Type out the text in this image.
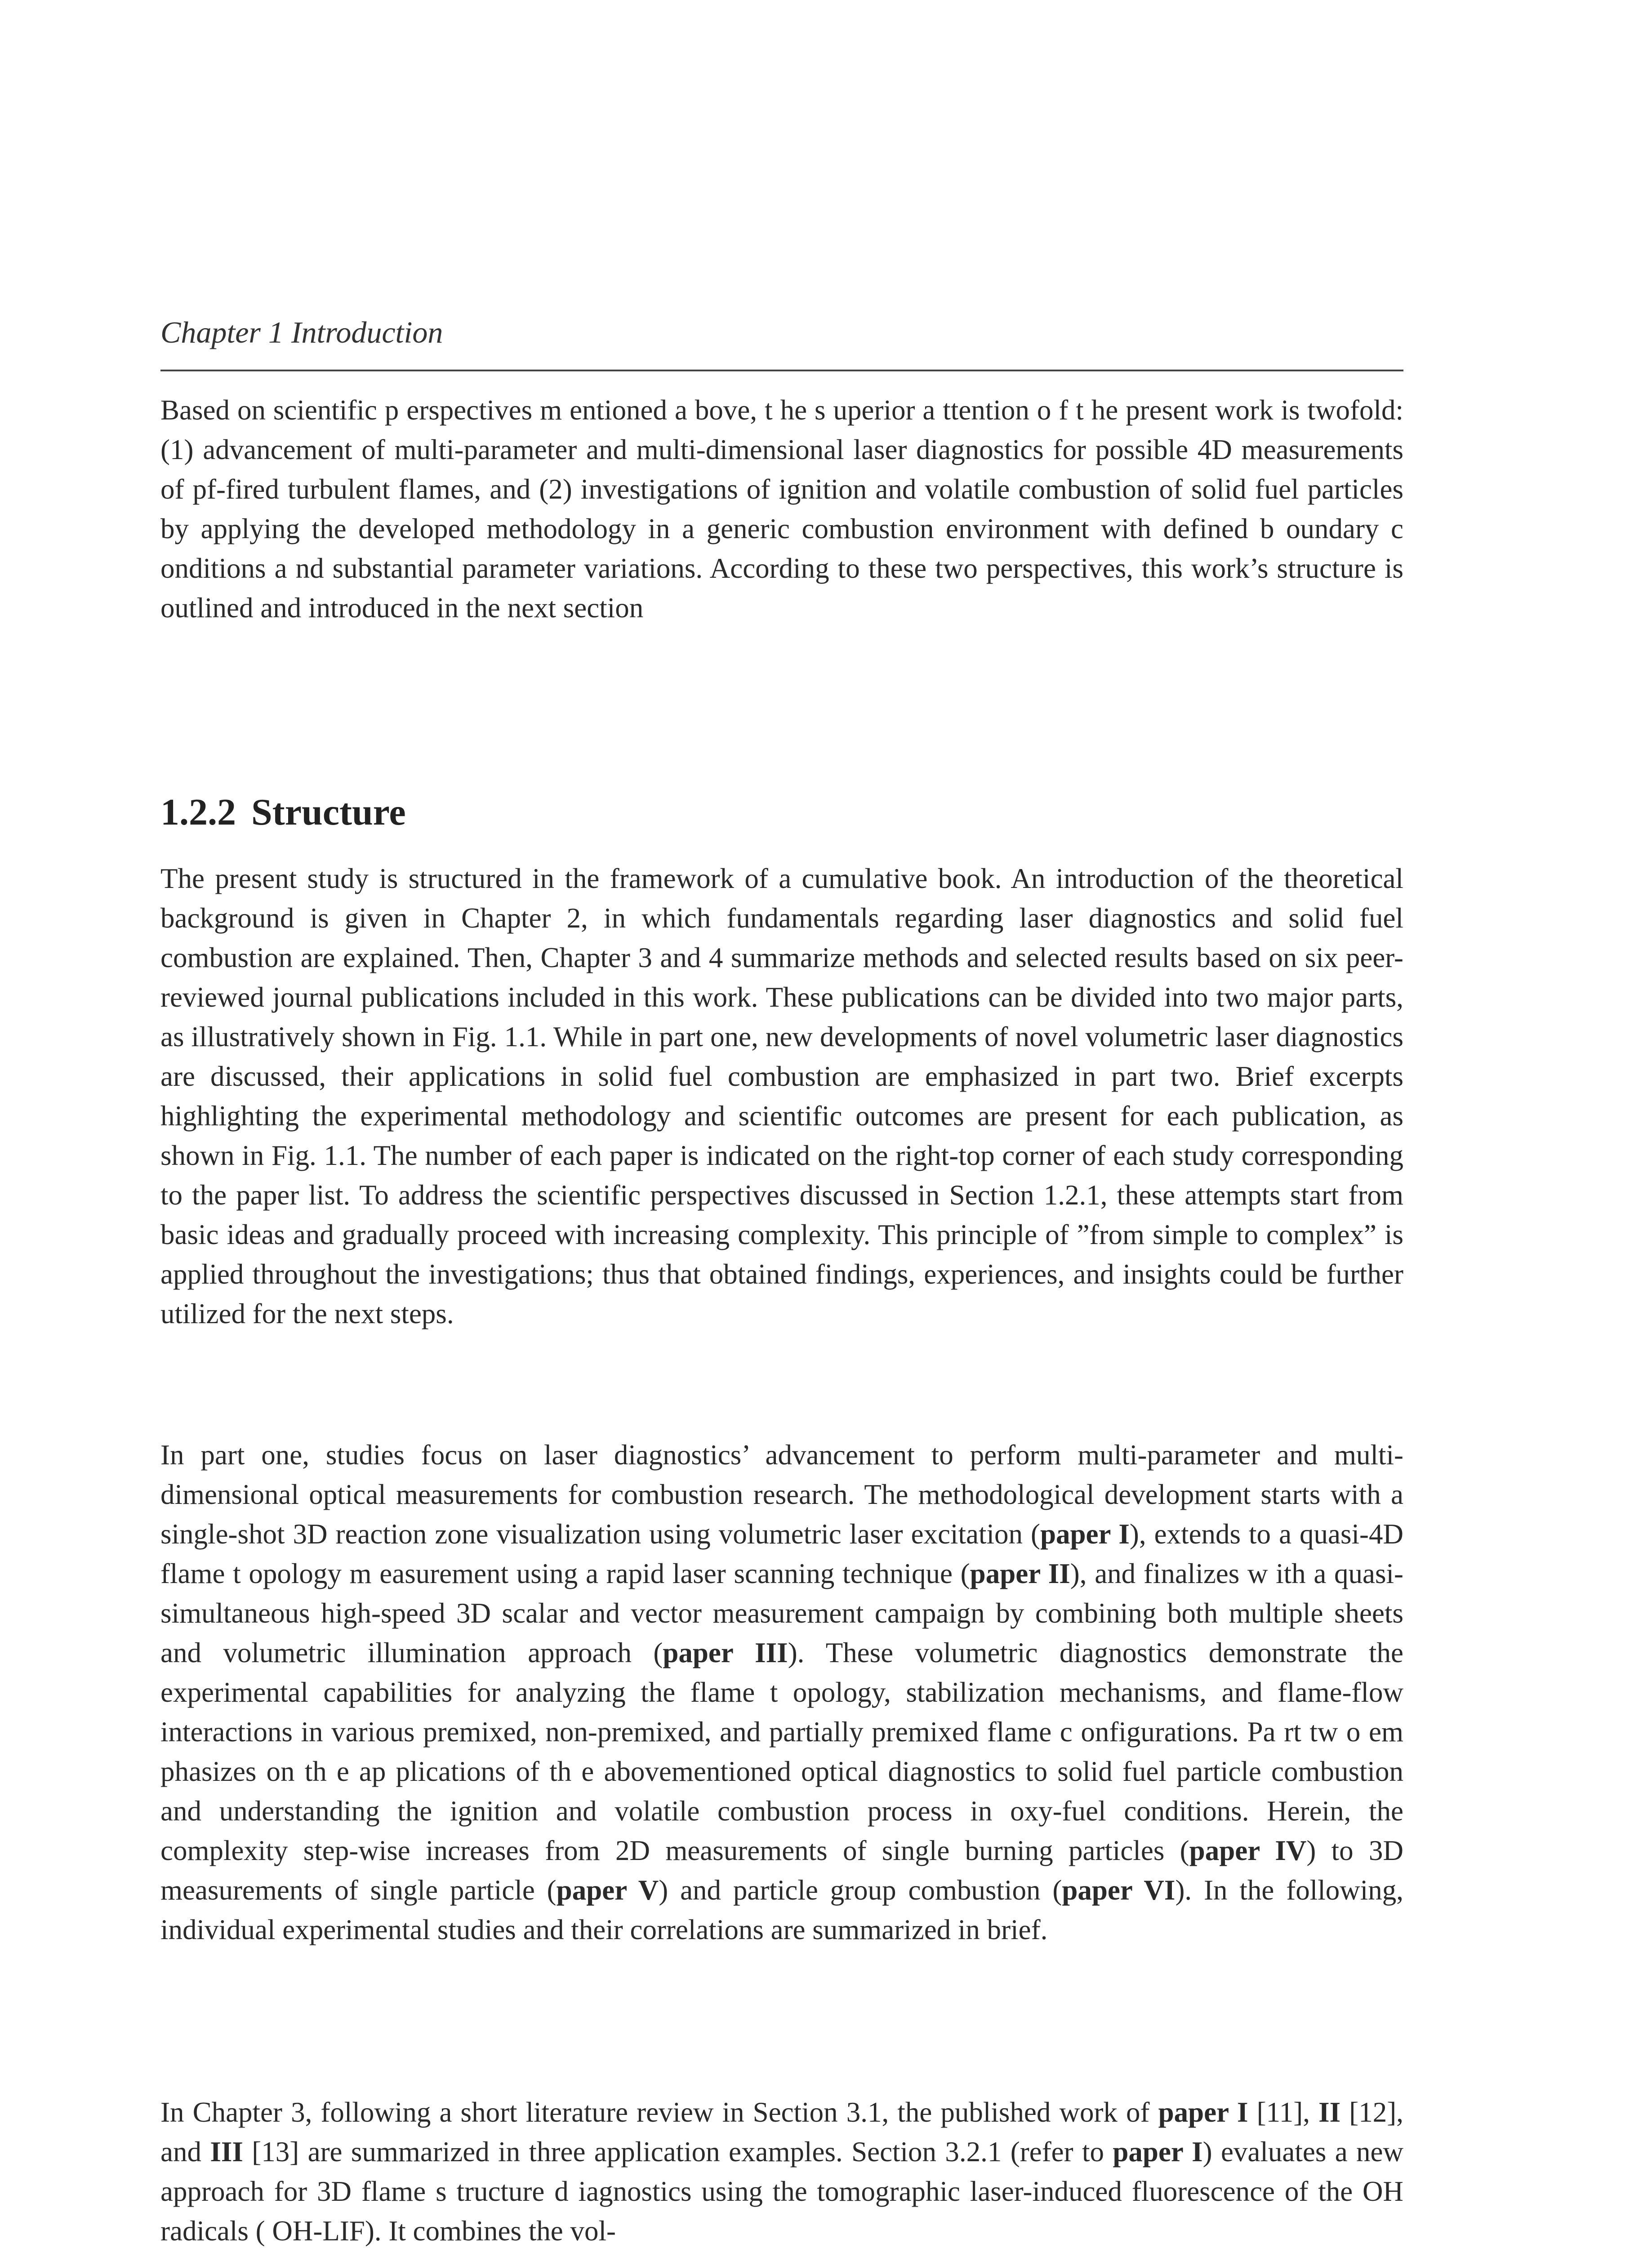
Chapter 1 Introduction

Based on scientific p erspectives m entioned a bove, t he s uperior a ttention o f t he present work is twofold: (1) advancement of multi-parameter and multi-dimensional laser diagnostics for possible 4D measurements of pf-fired turbulent flames, and (2) investigations of ignition and volatile combustion of solid fuel particles by applying the developed methodology in a generic combustion environment with defined b oundary c onditions a nd substantial parameter variations. According to these two perspectives, this work’s structure is outlined and introduced in the next section

1.2.2 Structure

The present study is structured in the framework of a cumulative book. An introduction of the theoretical background is given in Chapter 2, in which fundamentals regarding laser diagnostics and solid fuel combustion are explained. Then, Chapter 3 and 4 summarize methods and selected results based on six peer-reviewed journal publications included in this work. These publications can be divided into two major parts, as illustratively shown in Fig. 1.1. While in part one, new developments of novel volumetric laser diagnostics are discussed, their applications in solid fuel combustion are emphasized in part two. Brief excerpts highlighting the experimental methodology and scientific outcomes are present for each publication, as shown in Fig. 1.1. The number of each paper is indicated on the right-top corner of each study corresponding to the paper list. To address the scientific perspectives discussed in Section 1.2.1, these attempts start from basic ideas and gradually proceed with increasing complexity. This principle of ”from simple to complex” is applied throughout the investigations; thus that obtained findings, experiences, and insights could be further utilized for the next steps.

In part one, studies focus on laser diagnostics’ advancement to perform multi-parameter and multi-dimensional optical measurements for combustion research. The methodological development starts with a single-shot 3D reaction zone visualization using volumetric laser excitation (paper I), extends to a quasi-4D flame t opology m easurement using a rapid laser scanning technique (paper II), and finalizes w ith a quasi-simultaneous high-speed 3D scalar and vector measurement campaign by combining both multiple sheets and volumetric illumination approach (paper III). These volumetric diagnostics demonstrate the experimental capabilities for analyzing the flame t opology, stabilization mechanisms, and flame-flow interactions in various premixed, non-premixed, and partially premixed flame c onfigurations. Pa rt tw o em phasizes on th e ap plications of th e abovementioned optical diagnostics to solid fuel particle combustion and understanding the ignition and volatile combustion process in oxy-fuel conditions. Herein, the complexity step-wise increases from 2D measurements of single burning particles (paper IV) to 3D measurements of single particle (paper V) and particle group combustion (paper VI). In the following, individual experimental studies and their correlations are summarized in brief.

In Chapter 3, following a short literature review in Section 3.1, the published work of paper I [11], II [12], and III [13] are summarized in three application examples. Section 3.2.1 (refer to paper I) evaluates a new approach for 3D flame s tructure d iagnostics using the tomographic laser-induced fluorescence of the OH radicals ( OH-LIF). It combines the vol-
